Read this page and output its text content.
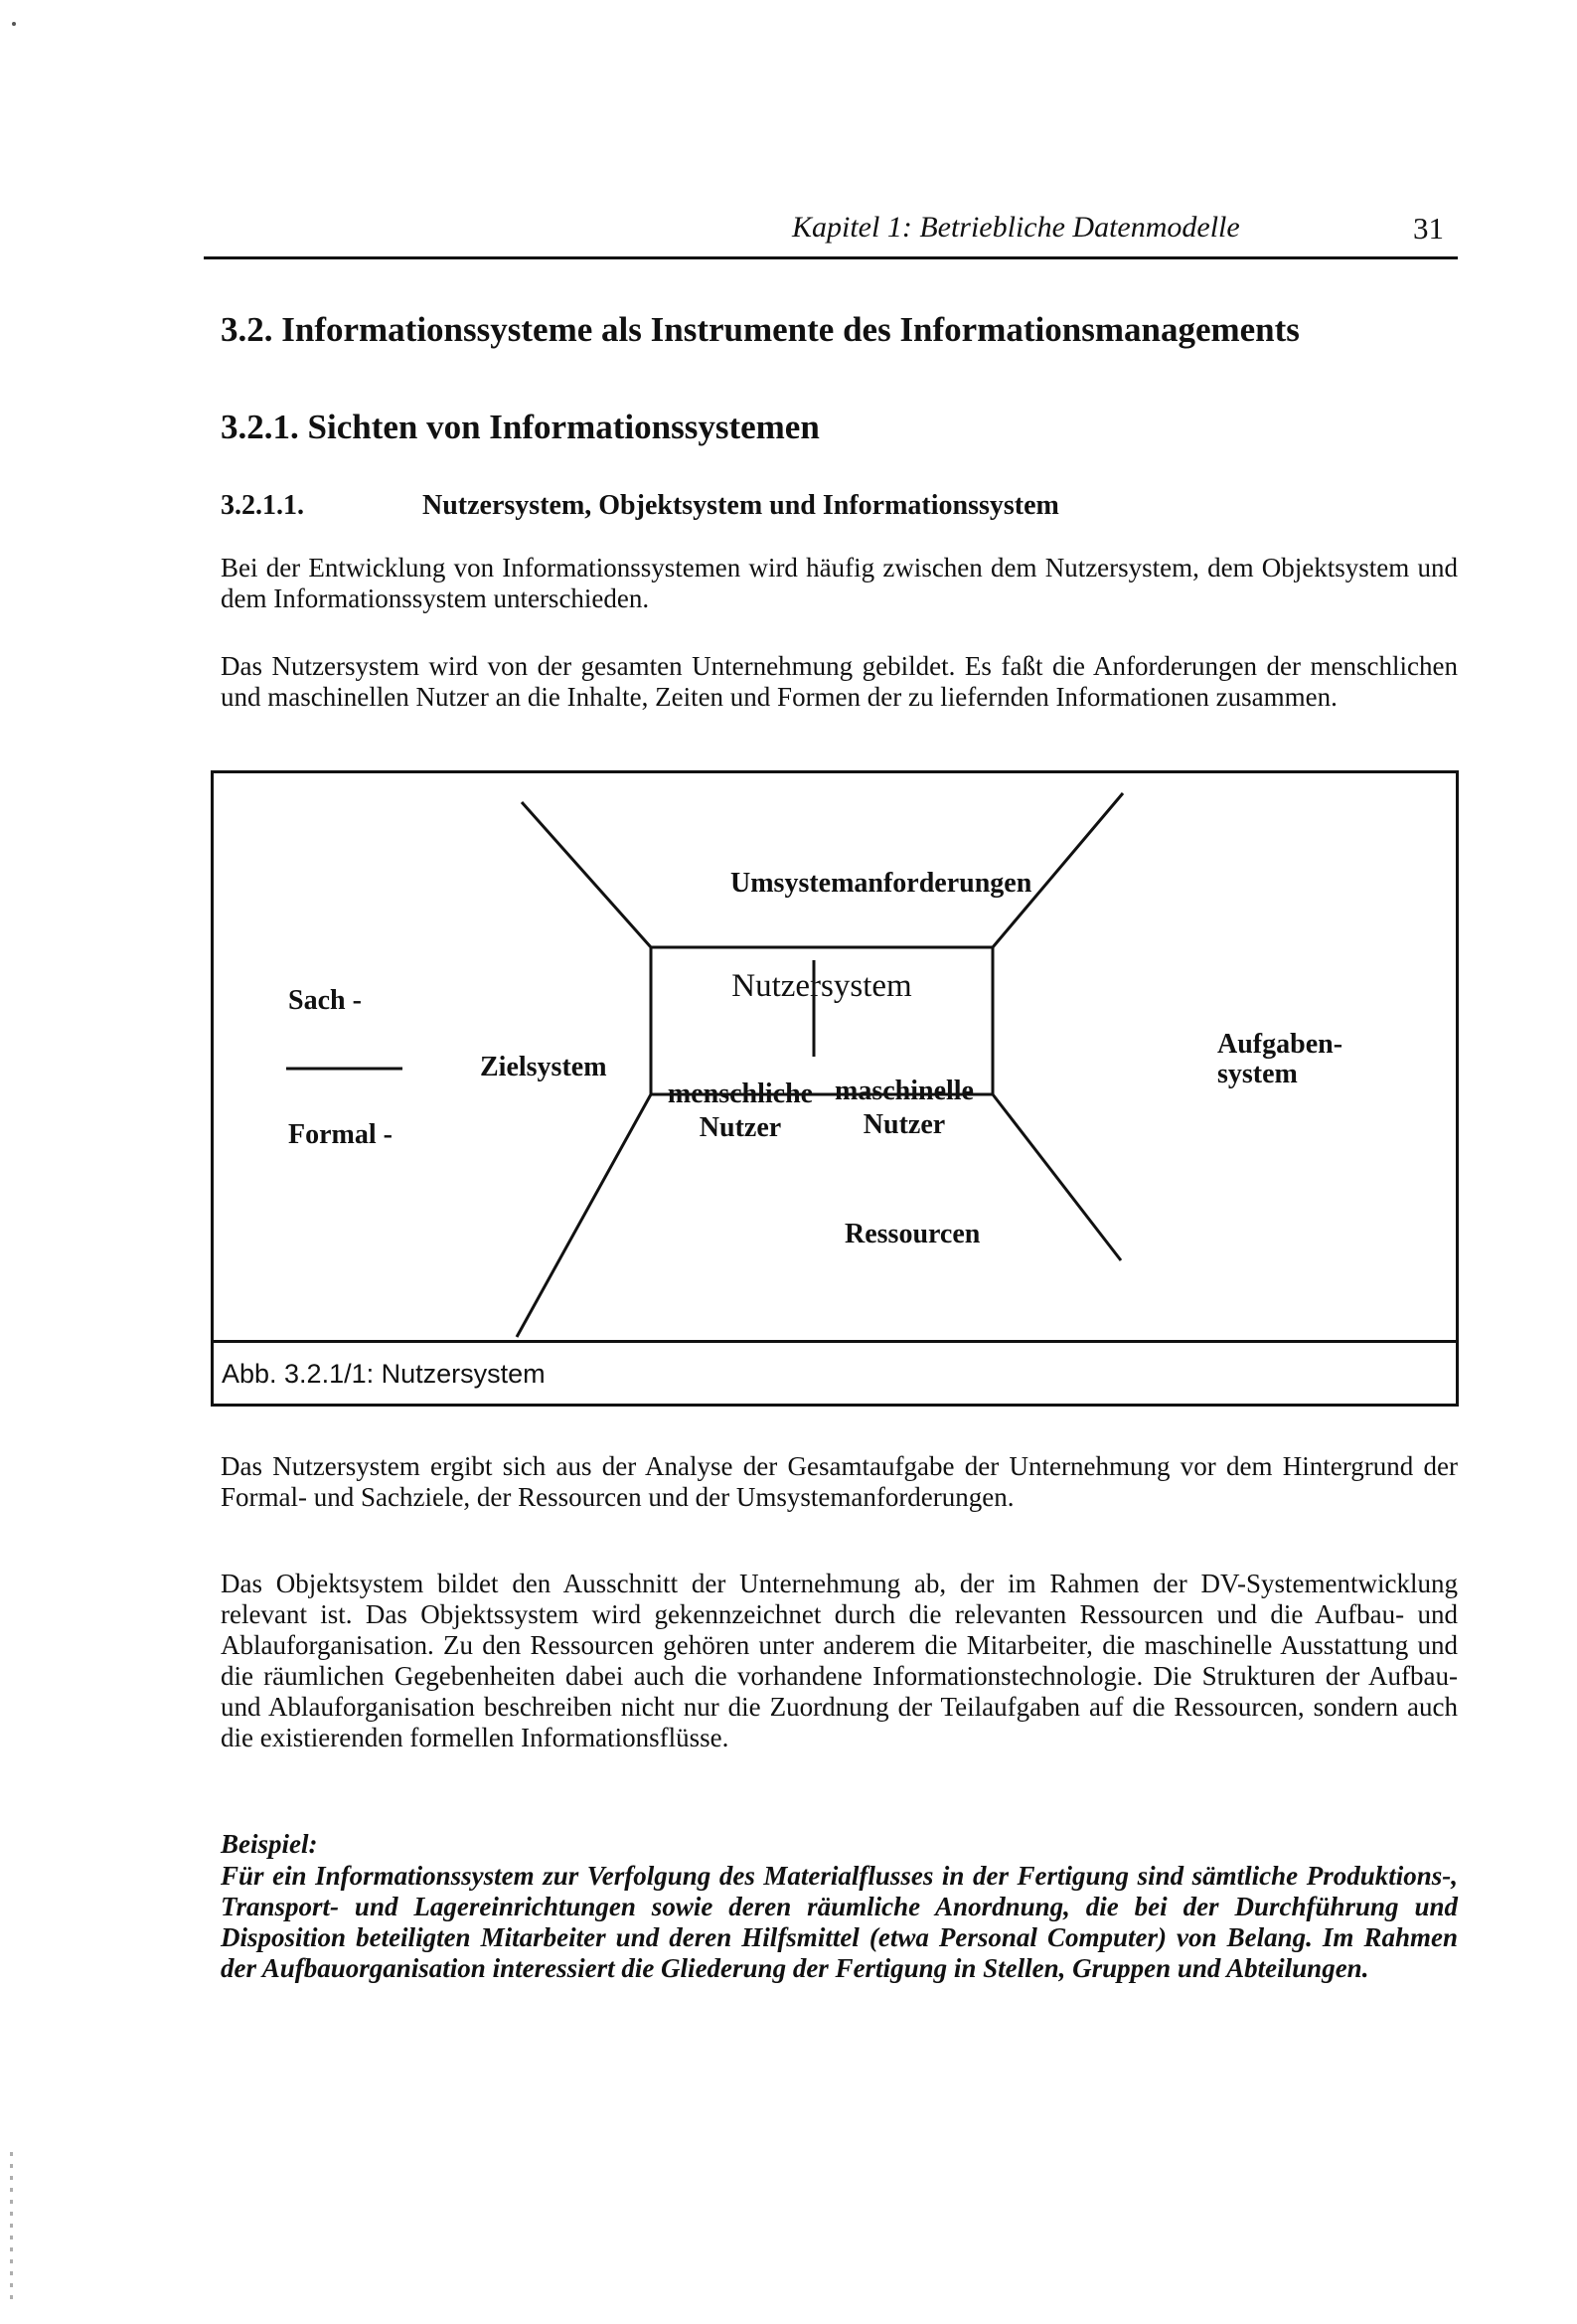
Kapitel 1: Betriebliche Datenmodelle	31
3.2. Informationssysteme als Instrumente des Informationsmanagements
3.2.1. Sichten von Informationssystemen
3.2.1.1.	Nutzersystem, Objektsystem und Informationssystem
Bei der Entwicklung von Informationssystemen wird häufig zwischen dem Nutzersystem, dem Objektsystem und dem Informationssystem unterschieden.
Das Nutzersystem wird von der gesamten Unternehmung gebildet. Es faßt die Anforderungen der menschlichen und maschinellen Nutzer an die Inhalte, Zeiten und Formen der zu liefernden Informationen zusammen.
Umsystemanforderungen
Nutzersystem
menschliche Nutzer
maschinelle Nutzer
Zielsystem
Sach -
Formal -
Aufgaben-system
Ressourcen
Abb. 3.2.1/1: Nutzersystem
Das Nutzersystem ergibt sich aus der Analyse der Gesamtaufgabe der Unternehmung vor dem Hintergrund der Formal- und Sachziele, der Ressourcen und der Umsystemanforderungen.
Das Objektsystem bildet den Ausschnitt der Unternehmung ab, der im Rahmen der DV-Systementwicklung relevant ist. Das Objektssystem wird gekennzeichnet durch die relevanten Ressourcen und die Aufbau- und Ablauforganisation. Zu den Ressourcen gehören unter anderem die Mitarbeiter, die maschinelle Ausstattung und die räumlichen Gegebenheiten dabei auch die vorhandene Informationstechnologie. Die Strukturen der Aufbau- und Ablauforganisation beschreiben nicht nur die Zuordnung der Teilaufgaben auf die Ressourcen, sondern auch die existierenden formellen Informationsflüsse.
Beispiel:
Für ein Informationssystem zur Verfolgung des Materialflusses in der Fertigung sind sämtliche Produktions-, Transport- und Lagereinrichtungen sowie deren räumliche Anordnung, die bei der Durchführung und Disposition beteiligten Mitarbeiter und deren Hilfsmittel (etwa Personal Computer) von Belang. Im Rahmen der Aufbauorganisation interessiert die Gliederung der Fertigung in Stellen, Gruppen und Abteilungen.
